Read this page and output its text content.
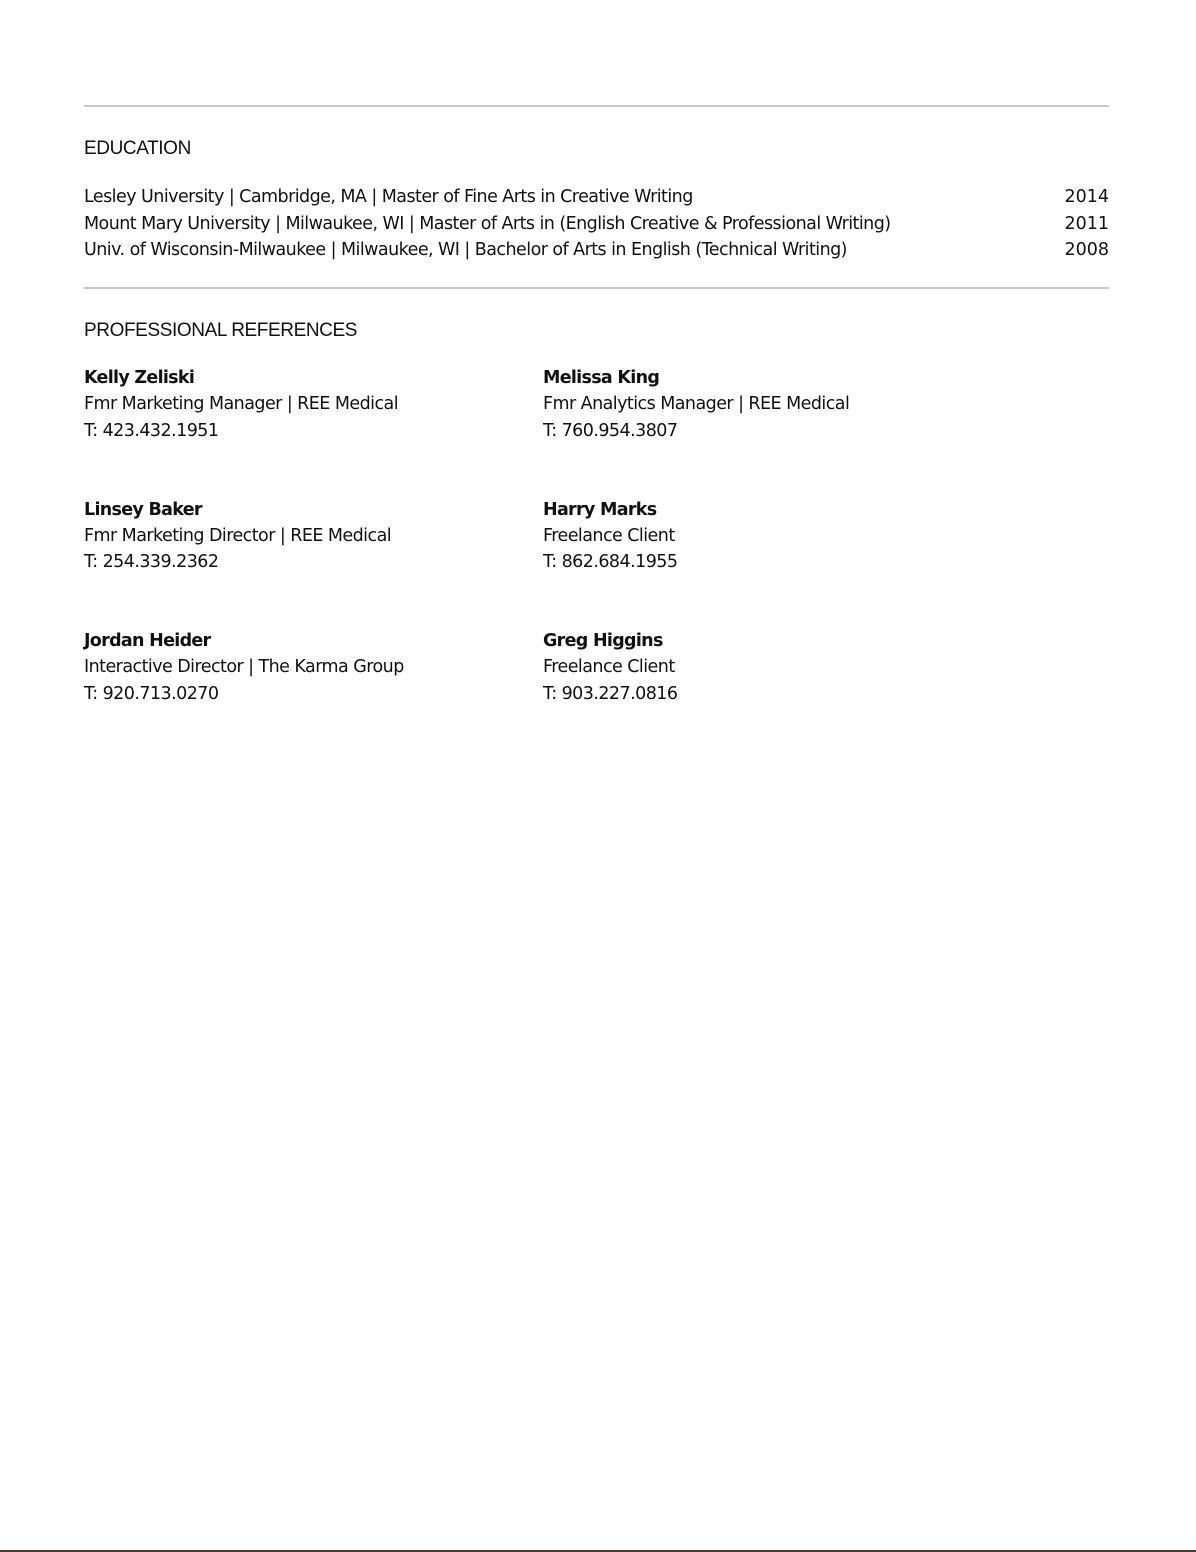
EDUCATION
Lesley University | Cambridge, MA | Master of Fine Arts in Creative Writing	2014
Mount Mary University | Milwaukee, WI | Master of Arts in (English Creative & Professional Writing)	2011
Univ. of Wisconsin-Milwaukee | Milwaukee, WI | Bachelor of Arts in English (Technical Writing)	2008
PROFESSIONAL REFERENCES
Kelly Zeliski
Fmr Marketing Manager | REE Medical
T: 423.432.1951
Melissa King
Fmr Analytics Manager | REE Medical
T: 760.954.3807
Linsey Baker
Fmr Marketing Director | REE Medical
T: 254.339.2362
Harry Marks
Freelance Client
T: 862.684.1955
Jordan Heider
Interactive Director | The Karma Group
T: 920.713.0270
Greg Higgins
Freelance Client
T: 903.227.0816
